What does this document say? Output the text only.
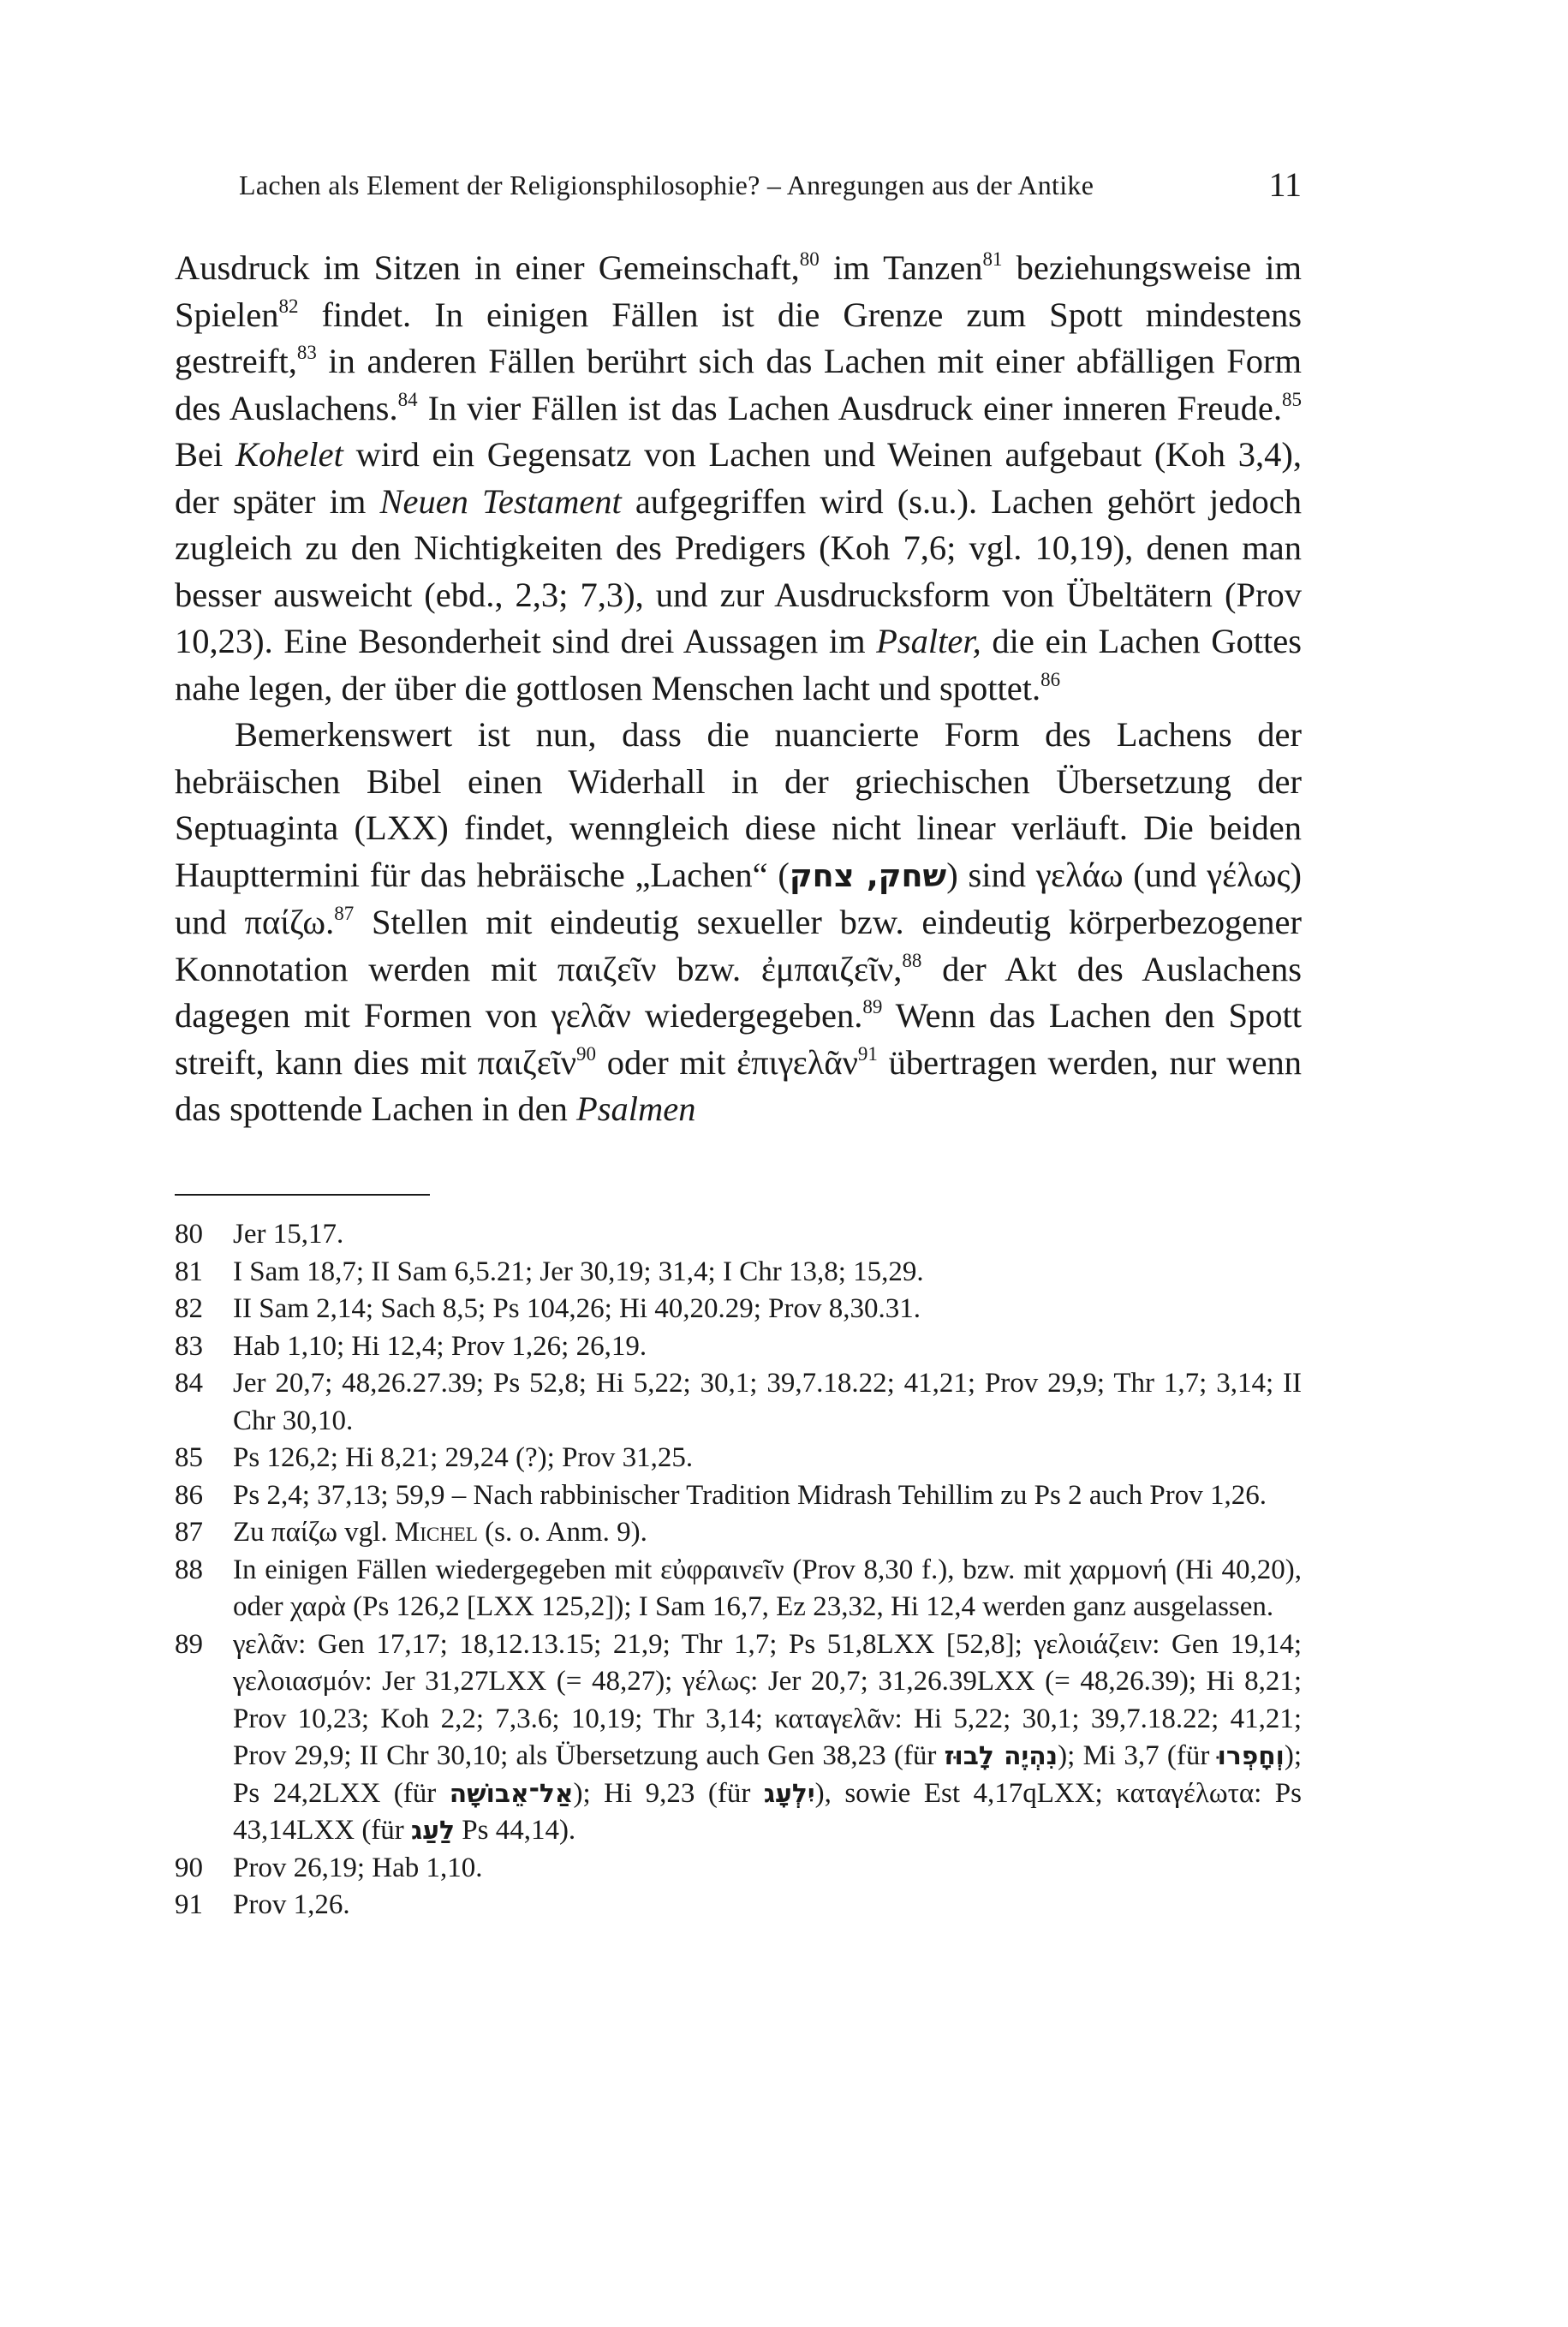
Lachen als Element der Religionsphilosophie? – Anregungen aus der Antike	11

Ausdruck im Sitzen in einer Gemeinschaft,$^{80}$ im Tanzen$^{81}$ beziehungsweise im Spielen$^{82}$ findet. In einigen Fällen ist die Grenze zum Spott mindestens gestreift,$^{83}$ in anderen Fällen berührt sich das Lachen mit einer abfälligen Form des Auslachens.$^{84}$ In vier Fällen ist das Lachen Ausdruck einer inneren Freude.$^{85}$ Bei Kohelet wird ein Gegensatz von Lachen und Weinen aufgebaut (Koh 3,4), der später im Neuen Testament aufgegriffen wird (s.u.). Lachen gehört jedoch zugleich zu den Nichtigkeiten des Predigers (Koh 7,6; vgl. 10,19), denen man besser ausweicht (ebd., 2,3; 7,3), und zur Ausdrucksform von Übeltätern (Prov 10,23). Eine Besonderheit sind drei Aussagen im Psalter, die ein Lachen Gottes nahe legen, der über die gottlosen Menschen lacht und spottet.$^{86}$

Bemerkenswert ist nun, dass die nuancierte Form des Lachens der hebräischen Bibel einen Widerhall in der griechischen Übersetzung der Septuaginta (LXX) findet, wenngleich diese nicht linear verläuft. Die beiden Haupttermini für das hebräische „Lachen“ (שחק, צחק) sind γελάω (und γέλως) und παίζω.$^{87}$ Stellen mit eindeutig sexueller bzw. eindeutig körperbezogener Konnotation werden mit παιζεῖν bzw. ἐμπαιζεῖν,$^{88}$ der Akt des Auslachens dagegen mit Formen von γελᾶν wiedergegeben.$^{89}$ Wenn das Lachen den Spott streift, kann dies mit παιζεῖν$^{90}$ oder mit ἐπιγελᾶν$^{91}$ übertragen werden, nur wenn das spottende Lachen in den Psalmen

80	Jer 15,17.
81	I Sam 18,7; II Sam 6,5.21; Jer 30,19; 31,4; I Chr 13,8; 15,29.
82	II Sam 2,14; Sach 8,5; Ps 104,26; Hi 40,20.29; Prov 8,30.31.
83	Hab 1,10; Hi 12,4; Prov 1,26; 26,19.
84	Jer 20,7; 48,26.27.39; Ps 52,8; Hi 5,22; 30,1; 39,7.18.22; 41,21; Prov 29,9; Thr 1,7; 3,14; II Chr 30,10.
85	Ps 126,2; Hi 8,21; 29,24 (?); Prov 31,25.
86	Ps 2,4; 37,13; 59,9 – Nach rabbinischer Tradition Midrash Tehillim zu Ps 2 auch Prov 1,26.
87	Zu παίζω vgl. Michel (s. o. Anm. 9).
88	In einigen Fällen wiedergegeben mit εὐφραινεῖν (Prov 8,30 f.), bzw. mit χαρμονή (Hi 40,20), oder χαρὰ (Ps 126,2 [LXX 125,2]); I Sam 16,7, Ez 23,32, Hi 12,4 werden ganz ausgelassen.
89	γελᾶν: Gen 17,17; 18,12.13.15; 21,9; Thr 1,7; Ps 51,8LXX [52,8]; γελοιάζειν: Gen 19,14; γελοιασμόν: Jer 31,27LXX (= 48,27); γέλως: Jer 20,7; 31,26.39LXX (= 48,26.39); Hi 8,21; Prov 10,23; Koh 2,2; 7,3.6; 10,19; Thr 3,14; καταγελᾶν: Hi 5,22; 30,1; 39,7.18.22; 41,21; Prov 29,9; II Chr 30,10; als Übersetzung auch Gen 38,23 (für נִהְיֶה לָבוּז); Mi 3,7 (für וְחָפְרוּ); Ps 24,2LXX (für אַל־אֵבוֹשָׁה); Hi 9,23 (für יִלְעָג), sowie Est 4,17qLXX; καταγέλωτα: Ps 43,14LXX (für לַעַג Ps 44,14).
90	Prov 26,19; Hab 1,10.
91	Prov 1,26.
